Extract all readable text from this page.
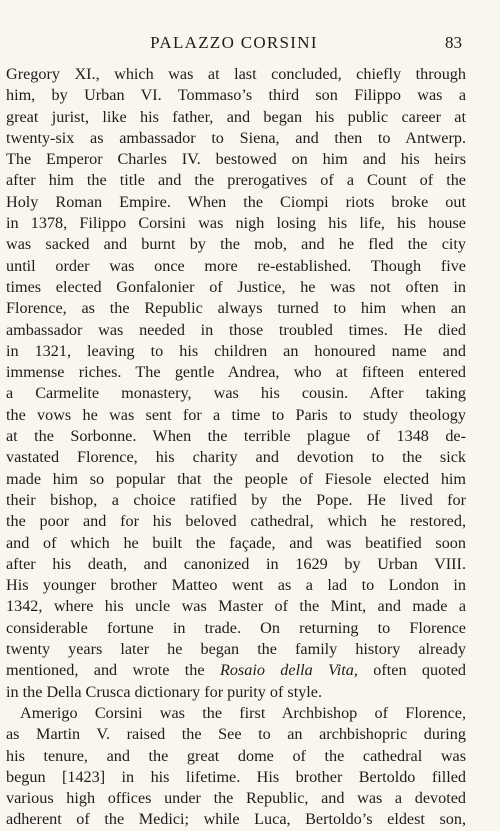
PALAZZO CORSINI	83
Gregory XI., which was at last concluded, chiefly through
him, by Urban VI. Tommaso’s third son Filippo was a
great jurist, like his father, and began his public career at
twenty-six as ambassador to Siena, and then to Antwerp.
The Emperor Charles IV. bestowed on him and his heirs
after him the title and the prerogatives of a Count of the
Holy Roman Empire. When the Ciompi riots broke out
in 1378, Filippo Corsini was nigh losing his life, his house
was sacked and burnt by the mob, and he fled the city
until order was once more re-established. Though five
times elected Gonfalonier of Justice, he was not often in
Florence, as the Republic always turned to him when an
ambassador was needed in those troubled times. He died
in 1321, leaving to his children an honoured name and
immense riches. The gentle Andrea, who at fifteen entered
a Carmelite monastery, was his cousin. After taking
the vows he was sent for a time to Paris to study theology
at the Sorbonne. When the terrible plague of 1348 de-
vastated Florence, his charity and devotion to the sick
made him so popular that the people of Fiesole elected him
their bishop, a choice ratified by the Pope. He lived for
the poor and for his beloved cathedral, which he restored,
and of which he built the façade, and was beatified soon
after his death, and canonized in 1629 by Urban VIII.
His younger brother Matteo went as a lad to London in
1342, where his uncle was Master of the Mint, and made a
considerable fortune in trade. On returning to Florence
twenty years later he began the family history already
mentioned, and wrote the Rosaio della Vita, often quoted
in the Della Crusca dictionary for purity of style.
Amerigo Corsini was the first Archbishop of Florence,
as Martin V. raised the See to an archbishopric during
his tenure, and the great dome of the cathedral was
begun [1423] in his lifetime. His brother Bertoldo filled
various high offices under the Republic, and was a devoted
adherent of the Medici; while Luca, Bertoldo’s eldest son,
